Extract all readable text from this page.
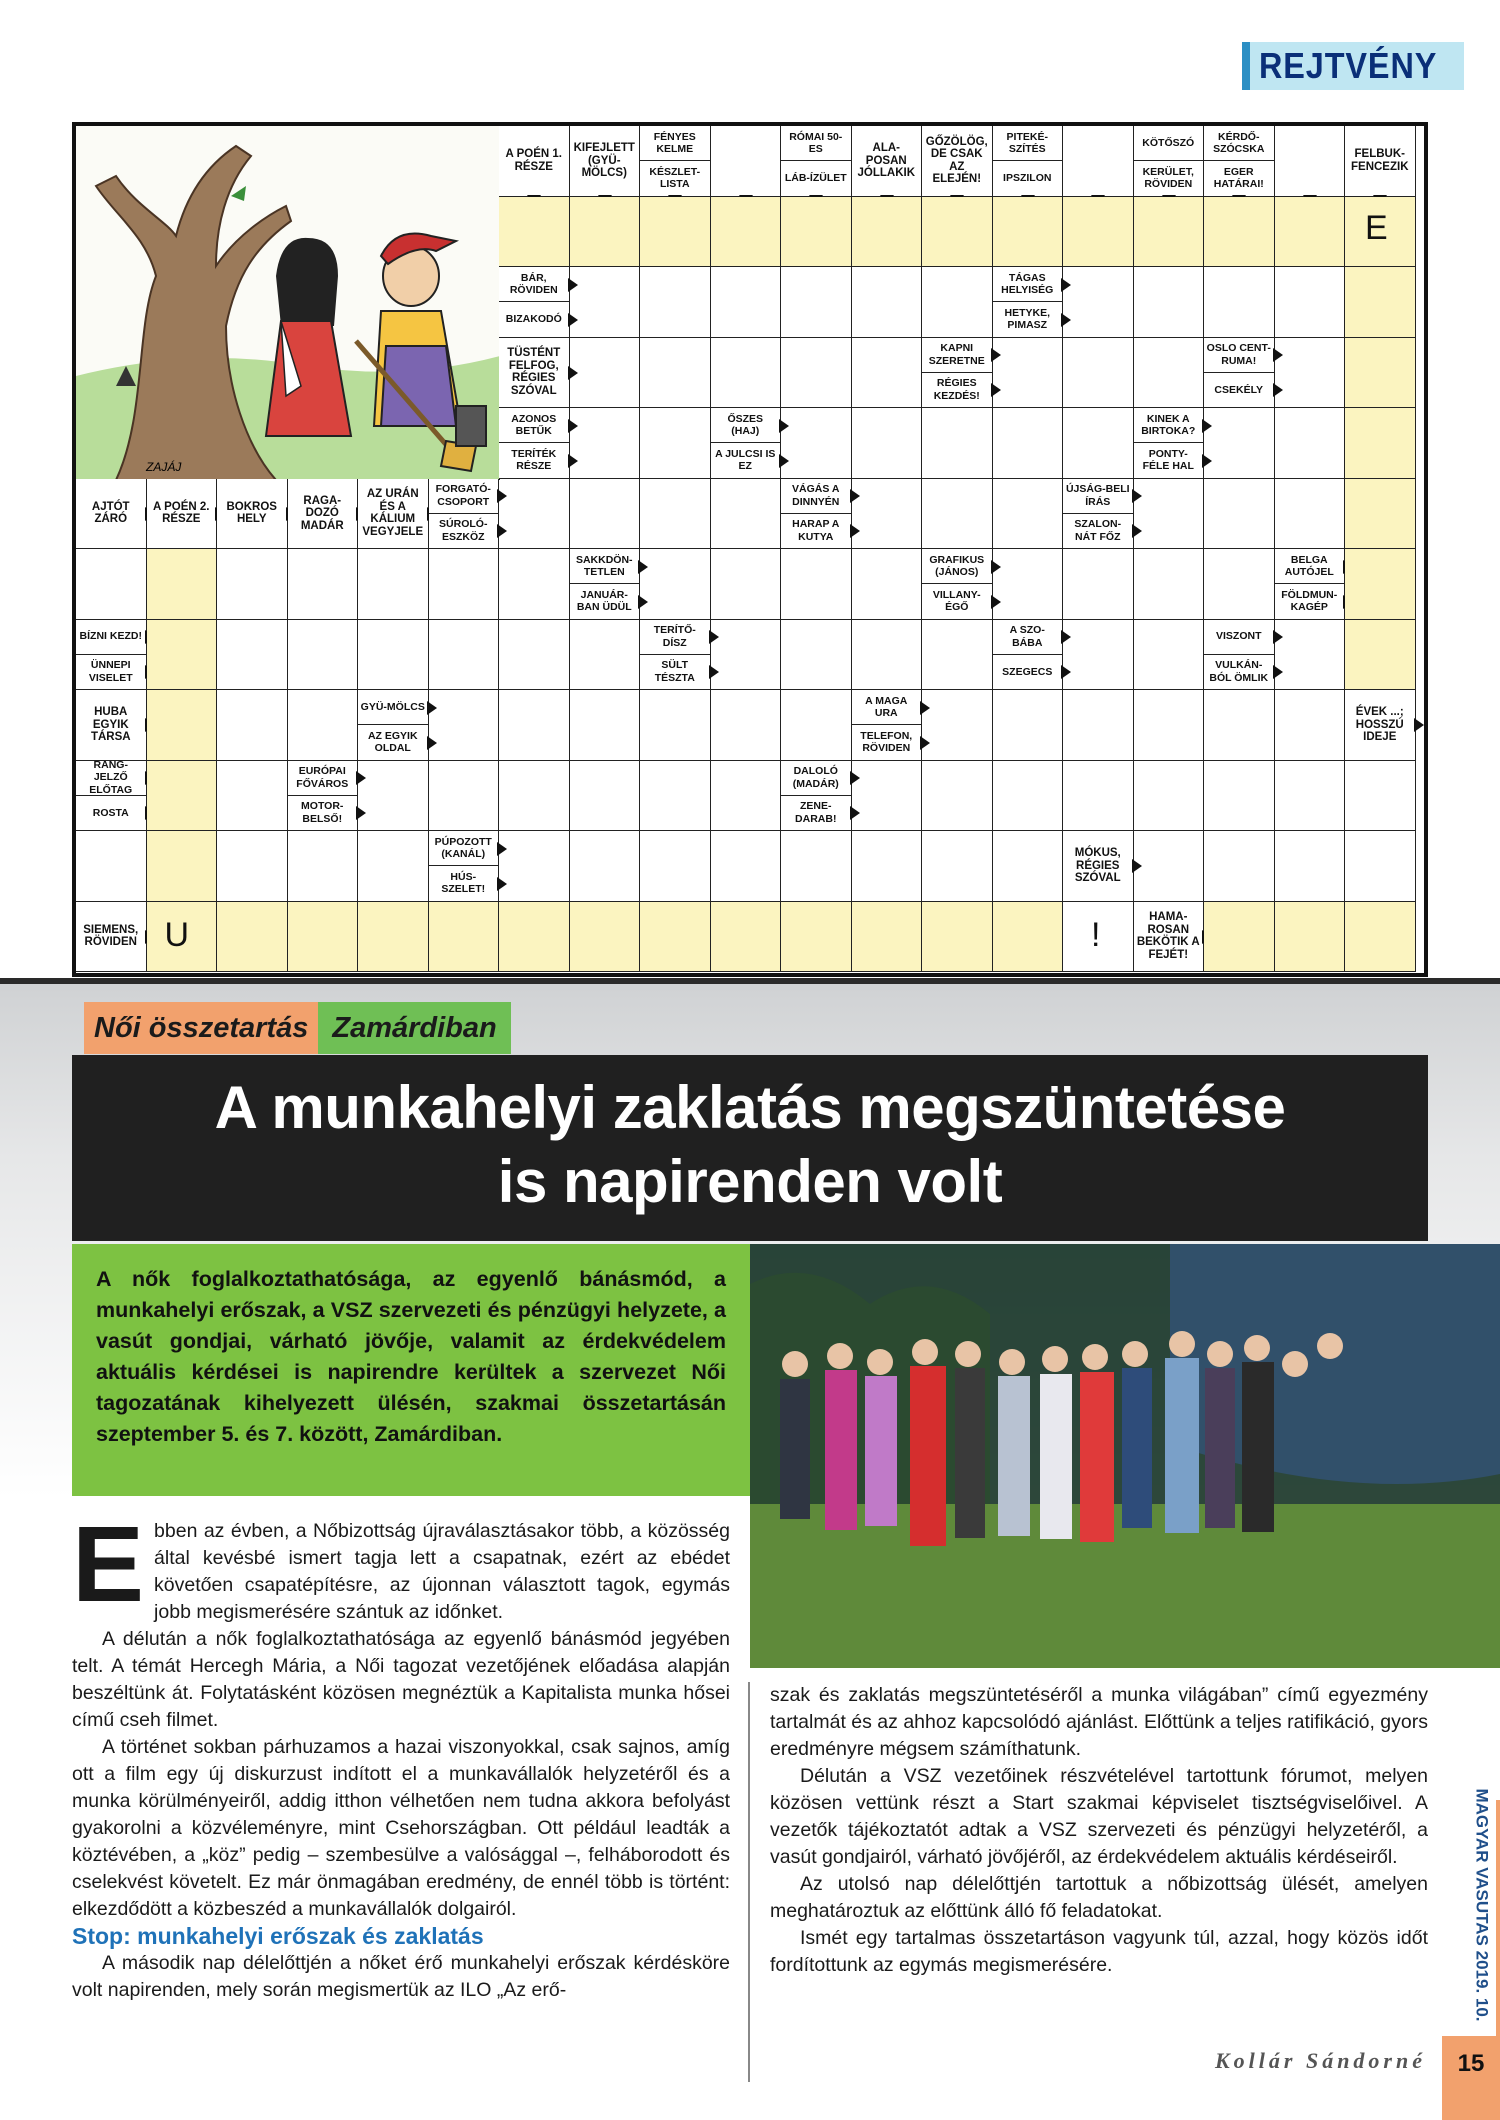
REJTVÉNY
ZAJÁJ
A POÉN 1. RÉSZE
KIFEJLETT (GYÜ-MÖLCS)
FÉNYES KELME
KÉSZLET-LISTA
RÓMAI 50-ES
LÁB-ÍZÜLET
ALA-POSAN JÓLLAKIK
GŐZÖLÖG, DE CSAK AZ ELEJÉN!
PITEKÉ-SZÍTÉS
IPSZILON
KÖTŐSZÓ
KERÜLET, RÖVIDEN
KÉRDŐ-SZÓCSKA
EGER HATÁRAI!
FELBUK-FENCEZIK
BÁR, RÖVIDEN
BIZAKODÓ
TÜSTÉNT FELFOG, RÉGIES SZÓVAL
AZONOS BETŰK
TERÍTÉK RÉSZE
TÁGAS HELYISÉG
HETYKE, PIMASZ
KAPNI SZERETNE
RÉGIES KEZDÉS!
OSLO CENT-RUMA!
CSEKÉLY
ŐSZES (HAJ)
A JULCSI IS EZ
KINEK A BIRTOKA?
PONTY-FÉLE HAL
AJTÓT ZÁRÓ
A POÉN 2. RÉSZE
BOKROS HELY
RAGA-DOZÓ MADÁR
AZ URÁN ÉS A KÁLIUM VEGYJELE
FORGATÓ-CSOPORT
SÚROLÓ-ESZKÖZ
VÁGÁS A DINNYÉN
HARAP A KUTYA
ÚJSÁG-BELI ÍRÁS
SZALON-NÁT FŐZ
SAKKDÖN-TETLEN
JANUÁR-BAN ÜDÜL
GRAFIKUS (JÁNOS)
VILLANY-ÉGŐ
BELGA AUTÓJEL
FÖLDMUN-KAGÉP
BÍZNI KEZD!
ÜNNEPI VISELET
TERÍTŐ-DÍSZ
SÜLT TÉSZTA
A SZO-BÁBA
SZEGECS
VISZONT
VULKÁN-BÓL ÖMLIK
HUBA EGYIK TÁRSA
GYÜ-MÖLCS
AZ EGYIK OLDAL
A MAGA URA
TELEFON, RÖVIDEN
ÉVEK ...; HOSSZÚ IDEJE
RANG-JELZŐ ELŐTAG
ROSTA
EURÓPAI FŐVÁROS
MOTOR-BELSŐ!
DALOLÓ (MADÁR)
ZENE-DARAB!
PÚPOZOTT (KANÁL)
HÚS-SZELET!
MÓKUS, RÉGIES SZÓVAL
SIEMENS, RÖVIDEN
HAMA-ROSAN BEKÖTIK A FEJÉT!
E
U	!
Női összetartás Zamárdiban
A munkahelyi zaklatás megszüntetése
is napirenden volt
A nők foglalkoztathatósága, az egyenlő bánásmód, a munkahelyi erőszak, a VSZ szervezeti és pénzügyi helyzete, a vasút gondjai, várható jövője, valamit az érdekvédelem aktuális kérdései is napirendre kerültek a szervezet Női tagozatának kihelyezett ülésén, szakmai összetartásán szeptember 5. és 7. között, Zamárdiban.

Ebben az évben, a Nőbizottság újraválasztásakor több, a közösség által kevésbé ismert tagja lett a csapatnak, ezért az ebédet követően csapatépítésre, az újonnan választott tagok, egymás jobb megismerésére szántuk az időnket.

A délután a nők foglalkoztathatósága az egyenlő bánásmód jegyében telt. A témát Hercegh Mária, a Női tagozat vezetőjének előadása alapján beszéltünk át. Folytatásként közösen megnéztük a Kapitalista munka hősei című cseh filmet.

A történet sokban párhuzamos a hazai viszonyokkal, csak sajnos, amíg ott a film egy új diskurzust indított el a munkavállalók helyzetéről és a munka körülményeiről, addig itthon vélhetően nem tudna akkora befolyást gyakorolni a közvéleményre, mint Csehországban. Ott például leadták a köztévében, a „köz” pedig – szembesülve a valósággal –, felháborodott és cselekvést követelt. Ez már önmagában eredmény, de ennél több is történt: elkezdődött a közbeszéd a munkavállalók dolgairól.

Stop: munkahelyi erőszak és zaklatás

A második nap délelőttjén a nőket érő munkahelyi erőszak kérdésköre volt napirenden, mely során megismertük az ILO „Az erő-

szak és zaklatás megszüntetéséről a munka világában” című egyezmény tartalmát és az ahhoz kapcsolódó ajánlást. Előttünk a teljes ratifikáció, gyors eredményre mégsem számíthatunk.

Délután a VSZ vezetőinek részvételével tartottunk fórumot, melyen közösen vettünk részt a Start szakmai képviselet tisztségviselőivel. A vezetők tájékoztatót adtak a VSZ szervezeti és pénzügyi helyzetéről, a vasút gondjairól, várható jövőjéről, az érdekvédelem aktuális kérdéseiről.

Az utolsó nap délelőttjén tartottuk a nőbizottság ülését, amelyen meghatároztuk az előttünk álló fő feladatokat.

Ismét egy tartalmas összetartáson vagyunk túl, azzal, hogy közös időt fordítottunk az egymás megismerésére.

Kollár Sándorné
MAGYAR VASUTAS 2019. 10.
15
